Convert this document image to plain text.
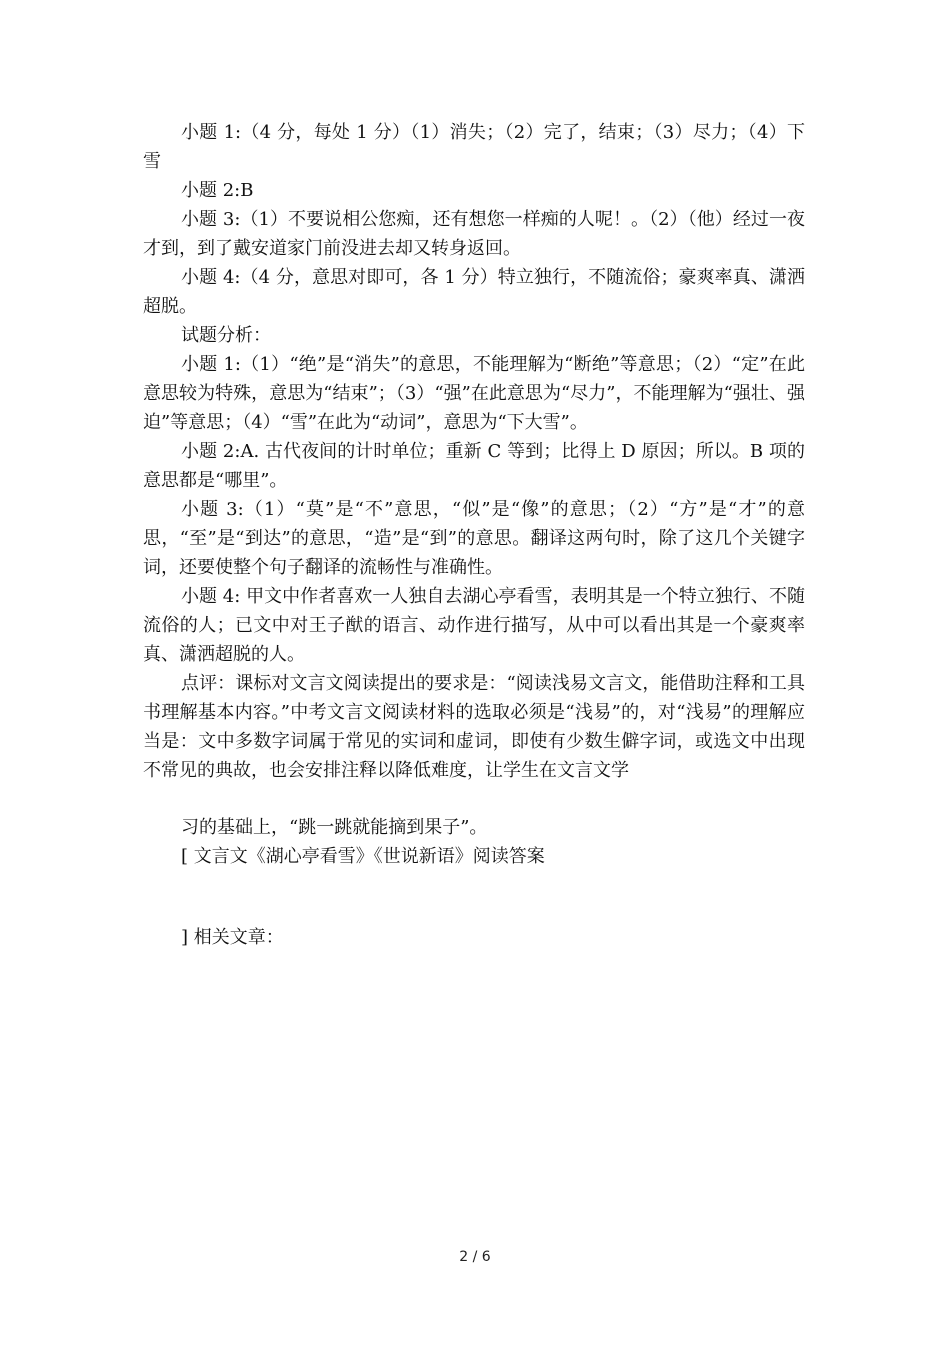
小题 1:（4 分，每处 1 分）（1）消失；（2）完了，结束；（3）尽力；（4）下雪

小题 2:B

小题 3:（1）不要说相公您痴，还有想您一样痴的人呢！。（2）（他）经过一夜才到，到了戴安道家门前没进去却又转身返回。

小题 4:（4 分，意思对即可，各 1 分）特立独行，不随流俗；豪爽率真、潇洒超脱。

试题分析：

小题 1:（1）“绝”是“消失”的意思，不能理解为“断绝”等意思；（2）“定”在此意思较为特殊，意思为“结束”；（3）“强”在此意思为“尽力”，不能理解为“强壮、强迫”等意思；（4）“雪”在此为“动词”，意思为“下大雪”。

小题 2:A. 古代夜间的计时单位；重新 C 等到；比得上 D 原因；所以。B 项的意思都是“哪里”。

小题 3:（1）“莫”是“不”意思，“似”是“像”的意思；（2）“方”是“才”的意思，“至”是“到达”的意思，“造”是“到”的意思。翻译这两句时，除了这几个关键字词，还要使整个句子翻译的流畅性与准确性。

小题 4: 甲文中作者喜欢一人独自去湖心亭看雪，表明其是一个特立独行、不随流俗的人；已文中对王子猷的语言、动作进行描写，从中可以看出其是一个豪爽率真、潇洒超脱的人。

点评：课标对文言文阅读提出的要求是：“阅读浅易文言文，能借助注释和工具书理解基本内容。”中考文言文阅读材料的选取必须是“浅易”的，对“浅易”的理解应当是：文中多数字词属于常见的实词和虚词，即使有少数生僻字词，或选文中出现不常见的典故，也会安排注释以降低难度，让学生在文言文学

习的基础上，“跳一跳就能摘到果子”。

[ 文言文《湖心亭看雪》《世说新语》阅读答案

] 相关文章：

2 / 6
